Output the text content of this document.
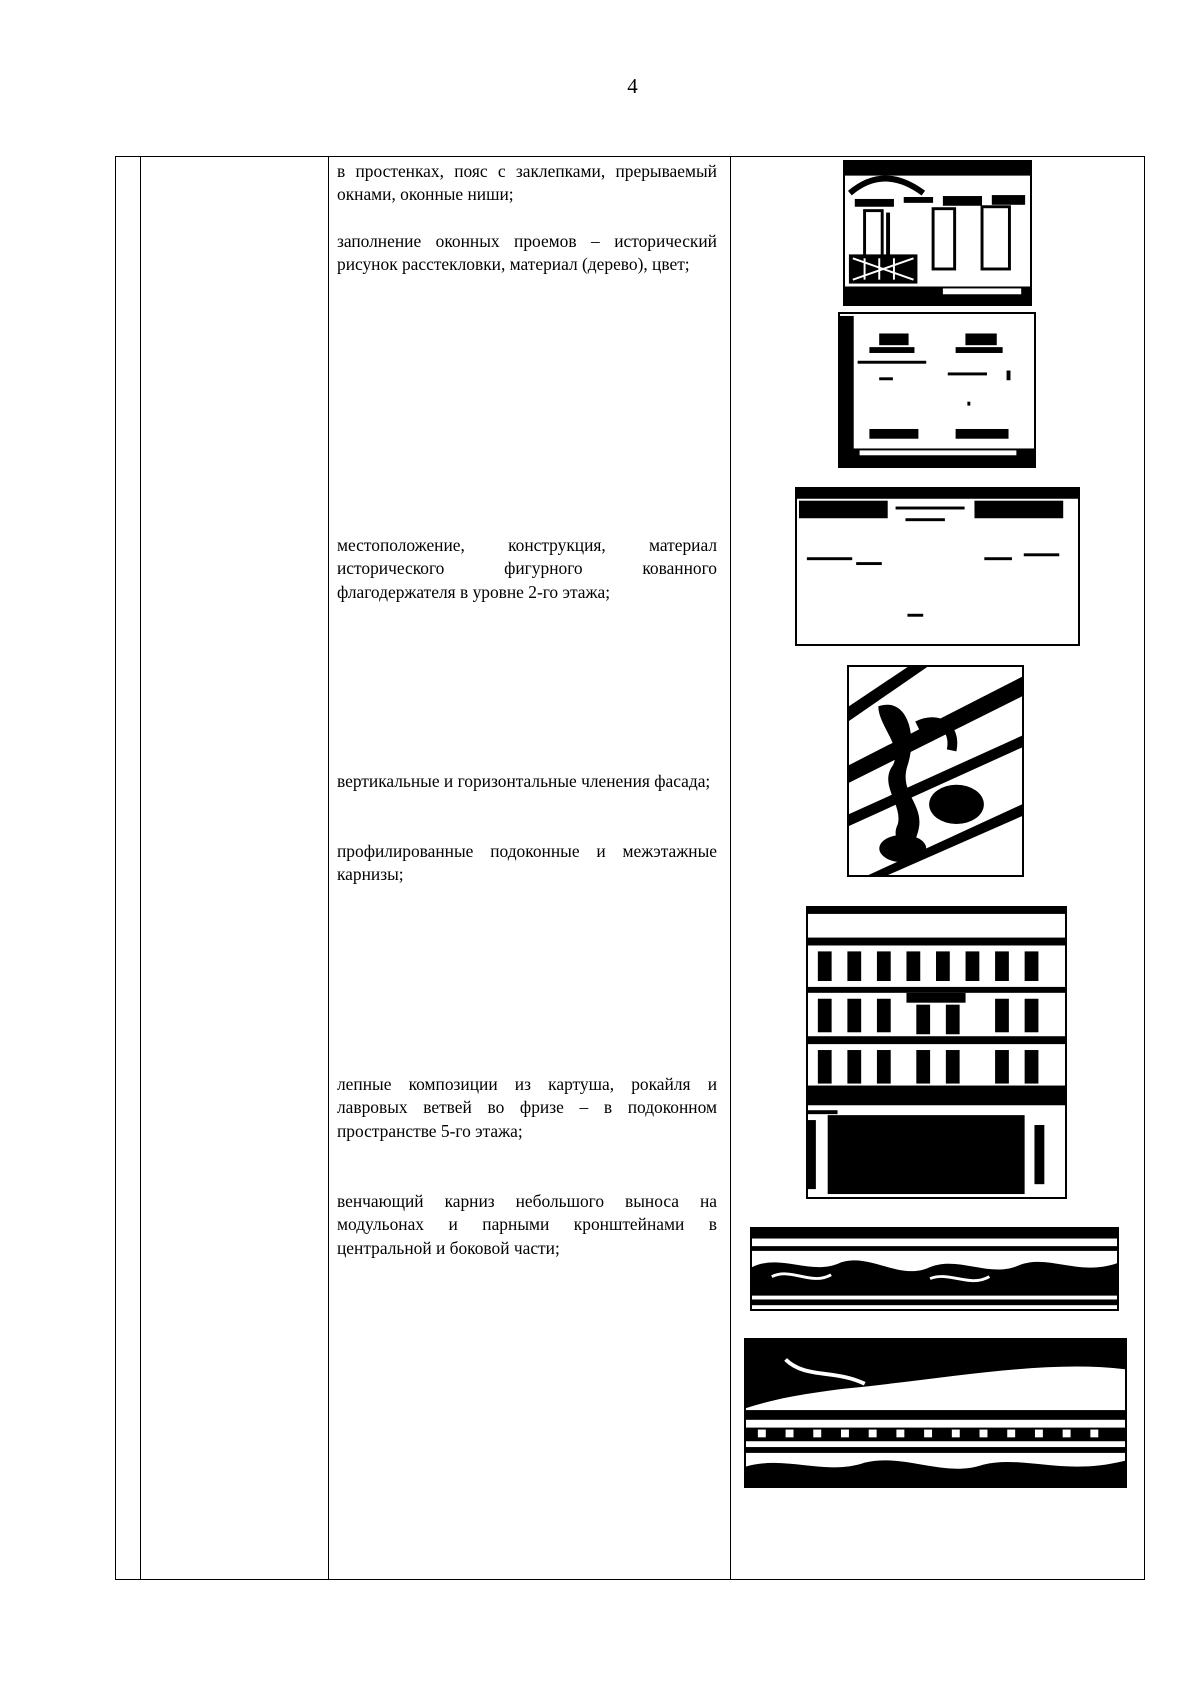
4
в простенках, пояс с заклепками, прерываемый окнами, оконные ниши;
заполнение оконных проемов – исторический рисунок расстекловки, материал (дерево), цвет;
местоположение, конструкция, материал исторического фигурного кованного флагодержателя в уровне 2-го этажа;
вертикальные и горизонтальные членения фасада;
профилированные подоконные и межэтажные карнизы;
лепные композиции из картуша, рокайля и лавровых ветвей во фризе – в подоконном пространстве 5-го этажа;
венчающий карниз небольшого выноса на модульонах и парными кронштейнами в центральной и боковой части;
